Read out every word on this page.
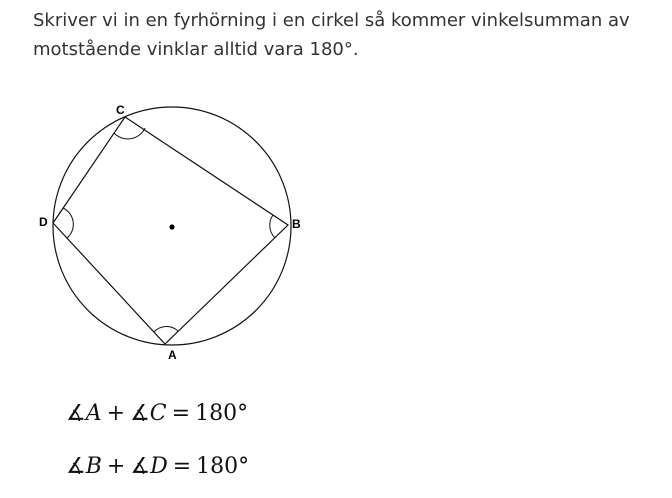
Skriver vi in en fyrhörning i en cirkel så kommer vinkelsumman av motstående vinklar alltid vara 180°.

C
B
A
D
∡A + ∡C = 180°
∡B + ∡D = 180°
